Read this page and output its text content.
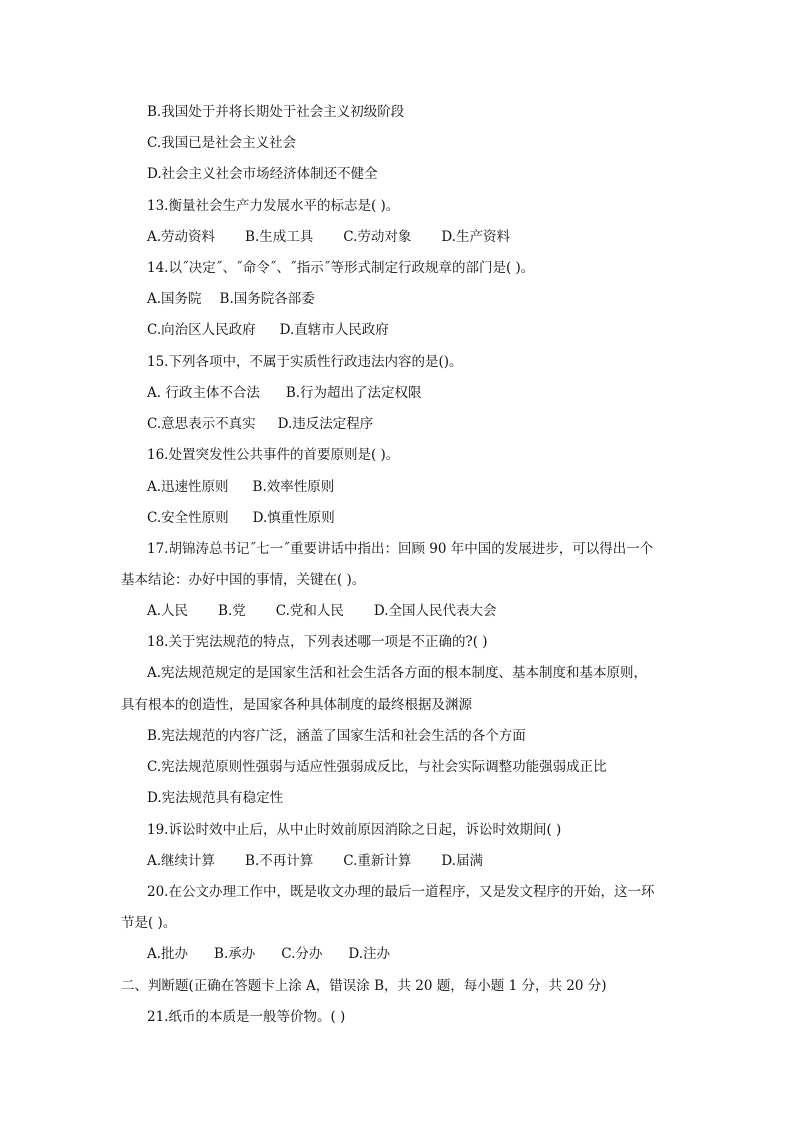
B.我国处于并将长期处于社会主义初级阶段
C.我国已是社会主义社会
D.社会主义社会市场经济体制还不健全
13.衡量社会生产力发展水平的标志是( )。
A.劳动资料 B.生成工具 C.劳动对象 D.生产资料
14.以˝决定˝、˝命令˝、˝指示˝等形式制定行政规章的部门是( )。
A.国务院 B.国务院各部委
C.向治区人民政府 D.直辖市人民政府
15.下列各项中，不属于实质性行政违法内容的是()。
A. 行政主体不合法 B.行为超出了法定权限
C.意思表示不真实 D.违反法定程序
16.处置突发性公共事件的首要原则是( )。
A.迅速性原则 B.效率性原则
C.安全性原则 D.慎重性原则
17.胡锦涛总书记˝七一˝重要讲话中指出：回顾 90 年中国的发展进步，可以得出一个
基本结论：办好中国的事情，关键在( )。
A.人民 B.党 C.党和人民 D.全国人民代表大会
18.关于宪法规范的特点，下列表述哪一项是不正确的?( )
A.宪法规范规定的是国家生活和社会生活各方面的根本制度、基本制度和基本原则，
具有根本的创造性，是国家各种具体制度的最终根据及渊源
B.宪法规范的内容广泛，涵盖了国家生活和社会生活的各个方面
C.宪法规范原则性强弱与适应性强弱成反比，与社会实际调整功能强弱成正比
D.宪法规范具有稳定性
19.诉讼时效中止后，从中止时效前原因消除之日起，诉讼时效期间( )
A.继续计算 B.不再计算 C.重新计算 D.届满
20.在公文办理工作中，既是收文办理的最后一道程序，又是发文程序的开始，这一环
节是( )。
A.批办 B.承办 C.分办 D.注办
二、判断题(正确在答题卡上涂 A，错误涂 B，共 20 题，每小题 1 分，共 20 分)
21.纸币的本质是一般等价物。( )
